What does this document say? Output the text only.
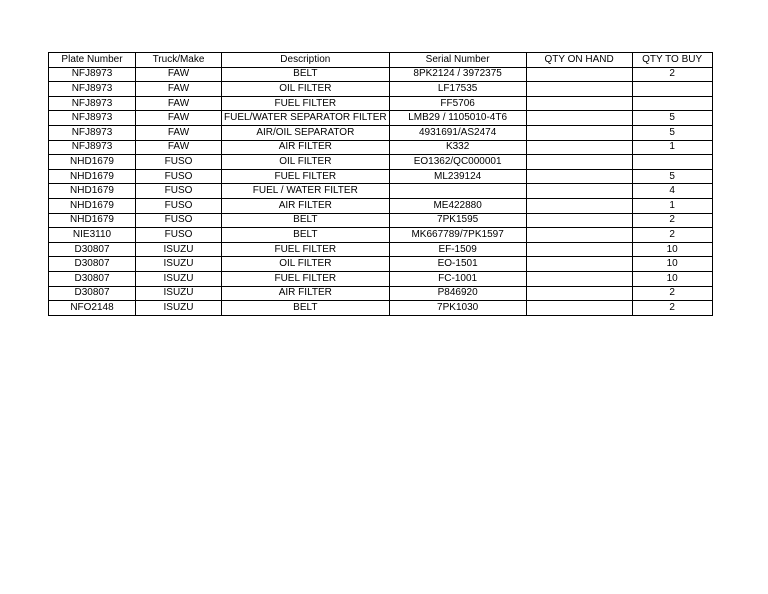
Plate Number	Truck/Make	Description	Serial Number	QTY ON HAND	QTY TO BUY
NFJ8973	FAW	BELT	8PK2124 / 3972375		2
NFJ8973	FAW	OIL FILTER	LF17535		
NFJ8973	FAW	FUEL FILTER	FF5706		
NFJ8973	FAW	FUEL/WATER SEPARATOR FILTER	LMB29 / 1105010-4T6		5
NFJ8973	FAW	AIR/OIL SEPARATOR	4931691/AS2474		5
NFJ8973	FAW	AIR FILTER	K332		1
NHD1679	FUSO	OIL FILTER	EO1362/QC000001		
NHD1679	FUSO	FUEL FILTER	ML239124		5
NHD1679	FUSO	FUEL / WATER FILTER			4
NHD1679	FUSO	AIR FILTER	ME422880		1
NHD1679	FUSO	BELT	7PK1595		2
NIE3110	FUSO	BELT	MK667789/7PK1597		2
D30807	ISUZU	FUEL FILTER	EF-1509		10
D30807	ISUZU	OIL FILTER	EO-1501		10
D30807	ISUZU	FUEL FILTER	FC-1001		10
D30807	ISUZU	AIR FILTER	P846920		2
NFO2148	ISUZU	BELT	7PK1030		2
